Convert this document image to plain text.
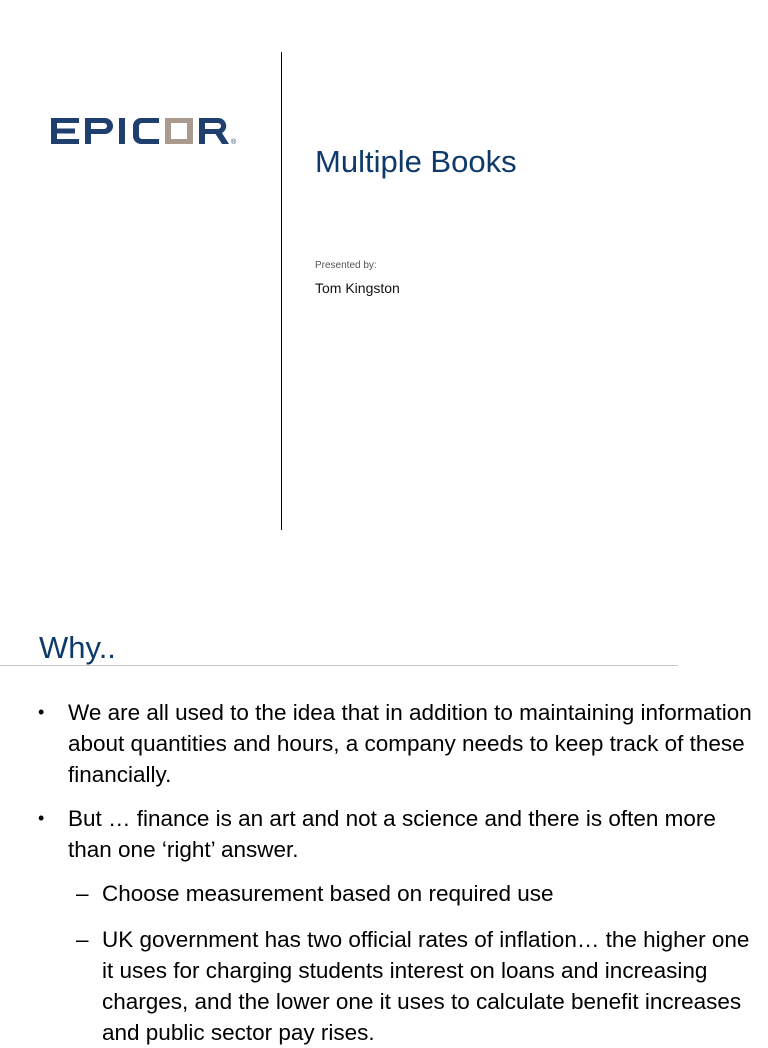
®
Multiple Books
Presented by:
Tom Kingston
Why..
• We are all used to the idea that in addition to maintaining information about quantities and hours, a company needs to keep track of these financially.
• But … finance is an art and not a science and there is often more than one ‘right’ answer.
– Choose measurement based on required use
– UK government has two official rates of inflation… the higher one it uses for charging students interest on loans and increasing charges, and the lower one it uses to calculate benefit increases and public sector pay rises.
